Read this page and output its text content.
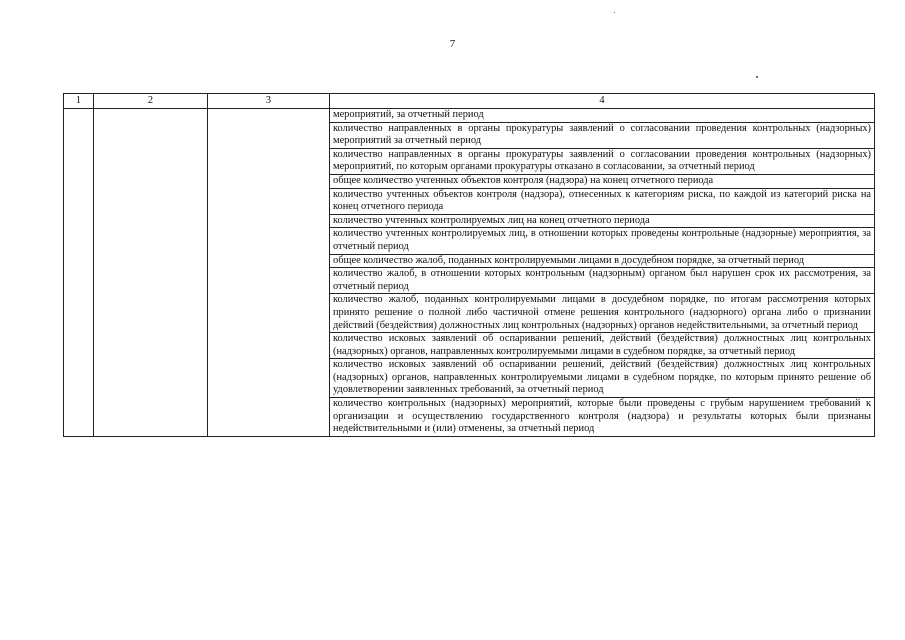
7
1	2	3	4
			мероприятий, за отчетный период
			количество направленных в органы прокуратуры заявлений о согласовании проведения контрольных (надзорных) мероприятий за отчетный период
			количество направленных в органы прокуратуры заявлений о согласовании проведения контрольных (надзорных) мероприятий, по которым органами прокуратуры отказано в согласовании, за отчетный период
			общее количество учтенных объектов контроля (надзора) на конец отчетного периода
			количество учтенных объектов контроля (надзора), отнесенных к категориям риска, по каждой из категорий риска на конец отчетного периода
			количество учтенных контролируемых лиц на конец отчетного периода
			количество учтенных контролируемых лиц, в отношении которых проведены контрольные (надзорные) мероприятия, за отчетный период
			общее количество жалоб, поданных контролируемыми лицами в досудебном порядке, за отчетный период
			количество жалоб, в отношении которых контрольным (надзорным) органом был нарушен срок их рассмотрения, за отчетный период
			количество жалоб, поданных контролируемыми лицами в досудебном порядке, по итогам рассмотрения которых принято решение о полной либо частичной отмене решения контрольного (надзорного) органа либо о признании действий (бездействия) должностных лиц контрольных (надзорных) органов недействительными, за отчетный период
			количество исковых заявлений об оспаривании решений, действий (бездействия) должностных лиц контрольных (надзорных) органов, направленных контролируемыми лицами в судебном порядке, за отчетный период
			количество исковых заявлений об оспаривании решений, действий (бездействия) должностных лиц контрольных (надзорных) органов, направленных контролируемыми лицами в судебном порядке, по которым принято решение об удовлетворении заявленных требований, за отчетный период
			количество контрольных (надзорных) мероприятий, которые были проведены с грубым нарушением требований к организации и осуществлению государственного контроля (надзора) и результаты которых были признаны недействительными и (или) отменены, за отчетный период
